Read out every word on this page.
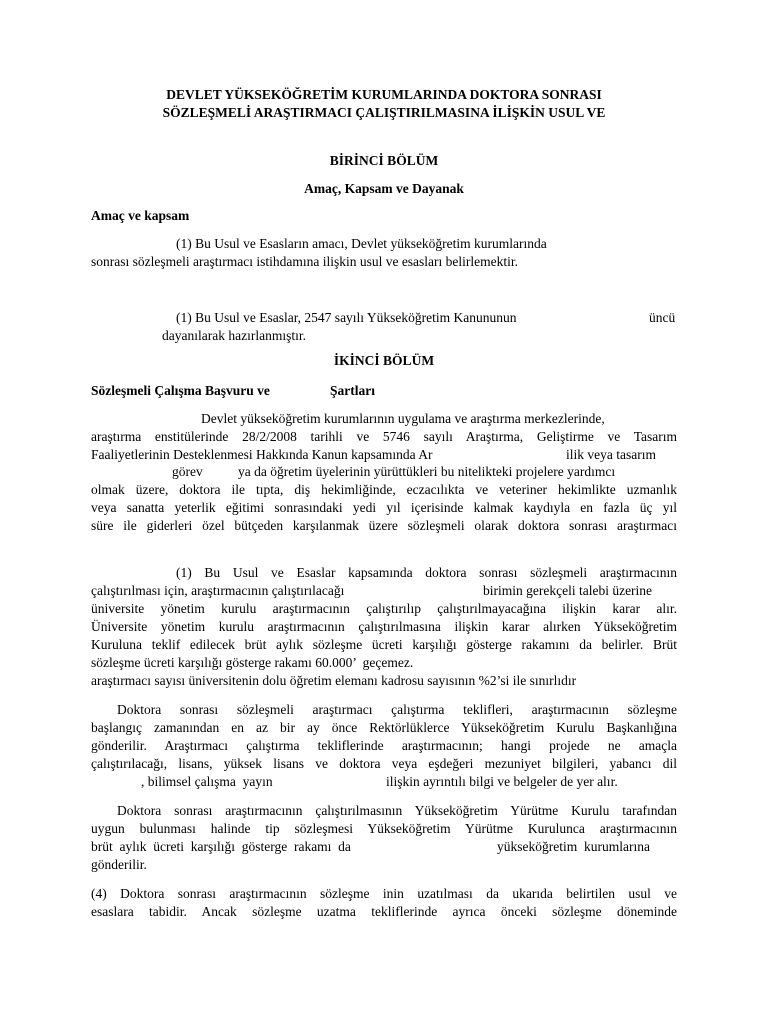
DEVLET YÜKSEKÖĞRETİM KURUMLARINDA DOKTORA SONRASI
SÖZLEŞMELİ ARAŞTIRMACI ÇALIŞTIRILMASINA İLİŞKİN USUL VE
BİRİNCİ BÖLÜM
Amaç, Kapsam ve Dayanak
Amaç ve kapsam
(1) Bu Usul ve Esasların amacı, Devlet yükseköğretim kurumlarında
sonrası sözleşmeli araştırmacı istihdamına ilişkin usul ve esasları belirlemektir.
(1) Bu Usul ve Esaslar, 2547 sayılı Yükseköğretim Kanununun	üncü
dayanılarak hazırlanmıştır.
İKİNCİ BÖLÜM
Sözleşmeli Çalışma Başvuru ve	Şartları
Devlet yükseköğretim kurumlarının uygulama ve araştırma merkezlerinde,
araştırma enstitülerinde 28/2/2008 tarihli ve 5746 sayılı Araştırma, Geliştirme ve Tasarım
Faaliyetlerinin Desteklenmesi Hakkında Kanun kapsamında Ar	ilik veya tasarım
görev	ya da öğretim üyelerinin yürüttükleri bu nitelikteki projelere yardımcı
olmak üzere, doktora ile tıpta, diş hekimliğinde, eczacılıkta ve veteriner hekimlikte uzmanlık
veya sanatta yeterlik eğitimi sonrasındaki yedi yıl içerisinde kalmak kaydıyla en fazla üç yıl
süre ile giderleri özel bütçeden karşılanmak üzere sözleşmeli olarak doktora sonrası araştırmacı
(1) Bu Usul ve Esaslar kapsamında doktora sonrası sözleşmeli araştırmacının
çalıştırılması için, araştırmacının çalıştırılacağı	birimin gerekçeli talebi üzerine
üniversite yönetim kurulu araştırmacının çalıştırılıp çalıştırılmayacağına ilişkin karar alır.
Üniversite yönetim kurulu araştırmacının çalıştırılmasına ilişkin karar alırken Yükseköğretim
Kuruluna teklif edilecek brüt aylık sözleşme ücreti karşılığı gösterge rakamını da belirler. Brüt
sözleşme ücreti karşılığı gösterge rakamı 60.000’  geçemez.
araştırmacı sayısı üniversitenin dolu öğretim elemanı kadrosu sayısının %2’si ile sınırlıdır
Doktora sonrası sözleşmeli araştırmacı çalıştırma teklifleri, araştırmacının sözleşme
başlangıç zamanından en az bir ay önce Rektörlüklerce Yükseköğretim Kurulu Başkanlığına
gönderilir. Araştırmacı çalıştırma tekliflerinde araştırmacının; hangi projede ne amaçla
çalıştırılacağı, lisans, yüksek lisans ve doktora veya eşdeğeri mezuniyet bilgileri, yabancı dil
, bilimsel çalışma  yayın	ilişkin ayrıntılı bilgi ve belgeler de yer alır.
Doktora sonrası araştırmacının çalıştırılmasının Yükseköğretim Yürütme Kurulu tarafından
uygun bulunması halinde tip sözleşmesi Yükseköğretim Yürütme Kurulunca araştırmacının
brüt  aylık  ücreti  karşılığı  gösterge  rakamı  da	yükseköğretim  kurumlarına
gönderilir.
(4) Doktora sonrası araştırmacının sözleşme inin uzatılması da ukarıda belirtilen usul ve
esaslara tabidir. Ancak sözleşme uzatma tekliflerinde ayrıca önceki sözleşme döneminde
